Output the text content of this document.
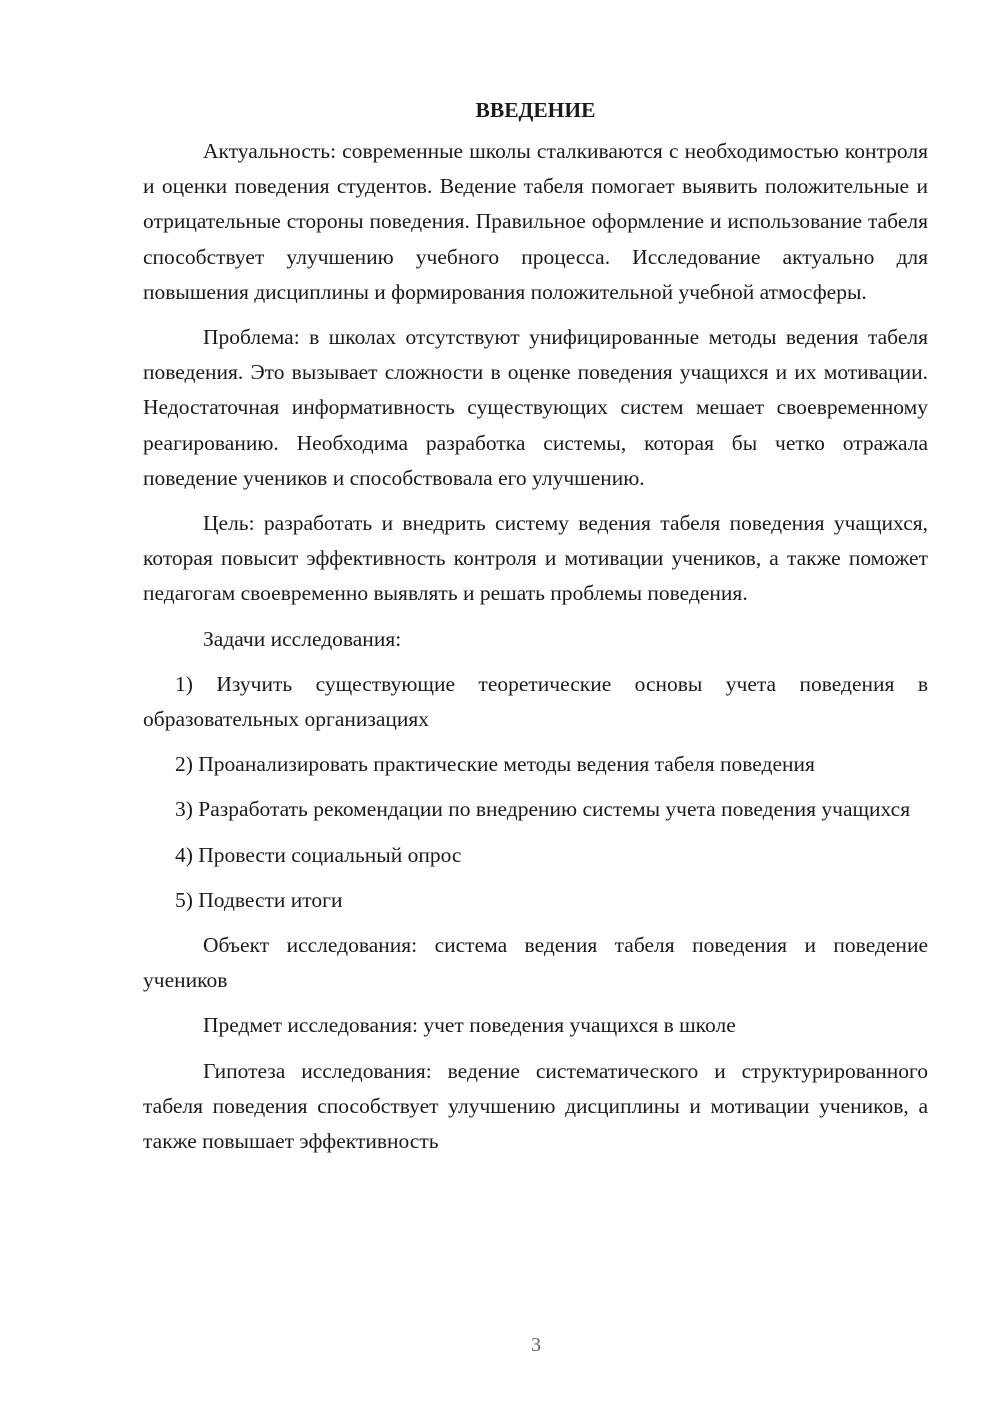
ВВЕДЕНИЕ

Актуальность: современные школы сталкиваются с необходимостью контроля и оценки поведения студентов. Ведение табеля помогает выявить положительные и отрицательные стороны поведения. Правильное оформление и использование табеля способствует улучшению учебного процесса. Исследование актуально для повышения дисциплины и формирования положительной учебной атмосферы.

Проблема: в школах отсутствуют унифицированные методы ведения табеля поведения. Это вызывает сложности в оценке поведения учащихся и их мотивации. Недостаточная информативность существующих систем мешает своевременному реагированию. Необходима разработка системы, которая бы четко отражала поведение учеников и способствовала его улучшению.

Цель: разработать и внедрить систему ведения табеля поведения учащихся, которая повысит эффективность контроля и мотивации учеников, а также поможет педагогам своевременно выявлять и решать проблемы поведения.

Задачи исследования:

1) Изучить существующие теоретические основы учета поведения в образовательных организациях

2) Проанализировать практические методы ведения табеля поведения

3) Разработать рекомендации по внедрению системы учета поведения учащихся

4) Провести социальный опрос

5) Подвести итоги

Объект исследования: система ведения табеля поведения и поведение учеников

Предмет исследования: учет поведения учащихся в школе

Гипотеза исследования: ведение систематического и структурированного табеля поведения способствует улучшению дисциплины и мотивации учеников, а также повышает эффективность

3
